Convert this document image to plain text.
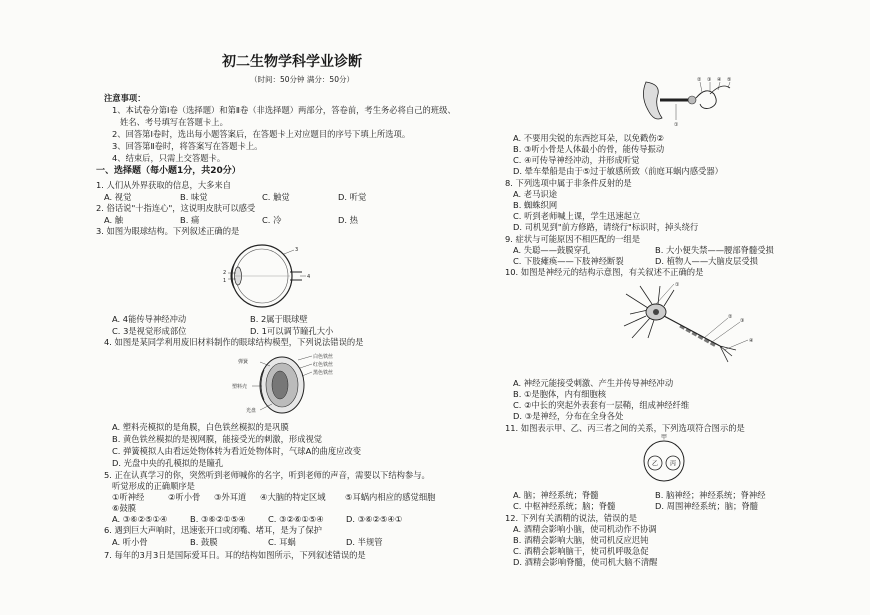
初二生物学科学业诊断
（时间：50分钟 满分：50分）
注意事项：
1、本试卷分第Ⅰ卷（选择题）和第Ⅱ卷（非选择题）两部分，答卷前，考生务必将自己的班级、
姓名、考号填写在答题卡上。
2、回答第Ⅰ卷时，选出每小题答案后，在答题卡上对应题目的序号下填上所选项。
3、回答第Ⅱ卷时，将答案写在答题卡上。
4、结束后，只需上交答题卡。
一、选择题（每小题1分，共20分）
1. 人们从外界获取的信息，大多来自
A. 视觉	B. 味觉	C. 触觉	D. 听觉
2. 俗话说"十指连心"，这说明皮肤可以感受
A. 触	B. 痛	C. 冷	D. 热
3. 如图为眼球结构。下列叙述正确的是
3
2
1
4
A. 4能传导神经冲动	B. 2属于眼球壁
C. 3是视觉形成部位	D. 1可以调节瞳孔大小
4. 如图是某同学利用废旧材料制作的眼球结构模型，下列说法错误的是
弹簧
塑料壳
光盘
白色铁丝
红色铁丝
黑色铁丝
A. 塑料壳模拟的是角膜，白色铁丝模拟的是巩膜
B. 黄色铁丝模拟的是视网膜，能接受光的刺激，形成视觉
C. 弹簧模拟人由看远处物体转为看近处物体时，气球A的曲度应改变
D. 光盘中央的孔模拟的是瞳孔
5. 正在认真学习的你，突然听到老师喊你的名字，听到老师的声音，需要以下结构参与。
听觉形成的正确顺序是
①听神经	②听小骨 ③外耳道 ④大脑的特定区域 ⑤耳蜗内相应的感觉细胞
⑥鼓膜
A. ③⑥②⑤①④	B. ③⑥②①⑤④	C. ③②⑥①⑤④	D. ③⑥②⑤④①
6. 遇到巨大声响时，迅速张开口或闭嘴、堵耳，是为了保护
A. 听小骨	B. 鼓膜	C. 耳蜗	D. 半规管
7. 每年的3月3日是国际爱耳日。耳的结构如图所示，下列叙述错误的是
①
② ③ ④ ⑤
A. 不要用尖锐的东西挖耳朵，以免戳伤②
B. ③听小骨是人体最小的骨，能传导振动
C. ④可传导神经冲动，并形成听觉
D. 晕车晕船是由于⑤过于敏感所致（前庭耳蜗内感受器）
8. 下列选项中属于非条件反射的是
A. 老马识途
B. 蜘蛛织网
C. 听到老师喊上课，学生迅速起立
D. 司机见到"前方修路，请绕行"标识时，掉头绕行
9. 症状与可能原因不相匹配的一组是
A. 失聪——鼓膜穿孔	B. 大小便失禁——腰部脊髓受损
C. 下肢瘫痪——下肢神经断裂	D. 植物人——大脑皮层受损
10. 如图是神经元的结构示意图，有关叙述不正确的是
①
②
③
④
A. 神经元能接受刺激、产生并传导神经冲动
B. ①是胞体，内有细胞核
C. ②中长的突起外表套有一层鞘，组成神经纤维
D. ③是神经，分布在全身各处
11. 如图表示甲、乙、丙三者之间的关系，下列选项符合图示的是
甲
乙 丙
A. 脑；神经系统；脊髓	B. 脑神经；神经系统；脊神经
C. 中枢神经系统；脑；脊髓	D. 周围神经系统；脑；脊髓
12. 下列有关酒精的说法，错误的是
A. 酒精会影响小脑，使司机动作不协调
B. 酒精会影响大脑，使司机反应迟钝
C. 酒精会影响脑干，使司机呼吸急促
D. 酒精会影响脊髓，使司机大脑不清醒
